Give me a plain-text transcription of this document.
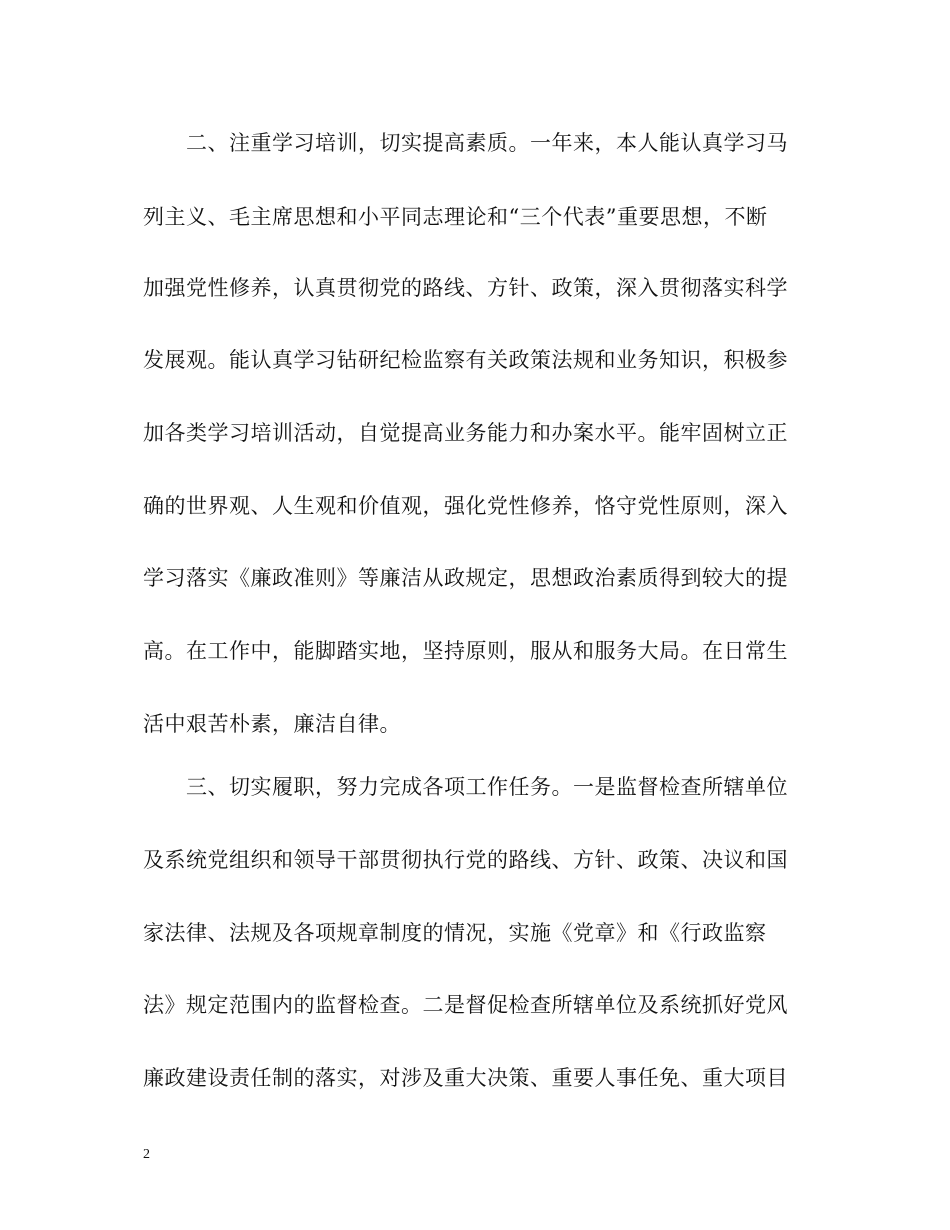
　　二、注重学习培训，切实提高素质。一年来，本人能认真学习马
列主义、毛主席思想和小平同志理论和“三个代表”重要思想，不断
加强党性修养，认真贯彻党的路线、方针、政策，深入贯彻落实科学
发展观。能认真学习钻研纪检监察有关政策法规和业务知识，积极参
加各类学习培训活动，自觉提高业务能力和办案水平。能牢固树立正
确的世界观、人生观和价值观，强化党性修养，恪守党性原则，深入
学习落实《廉政准则》等廉洁从政规定，思想政治素质得到较大的提
高。在工作中，能脚踏实地，坚持原则，服从和服务大局。在日常生
活中艰苦朴素，廉洁自律。
　　三、切实履职，努力完成各项工作任务。一是监督检查所辖单位
及系统党组织和领导干部贯彻执行党的路线、方针、政策、决议和国
家法律、法规及各项规章制度的情况，实施《党章》和《行政监察
法》规定范围内的监督检查。二是督促检查所辖单位及系统抓好党风
廉政建设责任制的落实，对涉及重大决策、重要人事任免、重大项目
2
